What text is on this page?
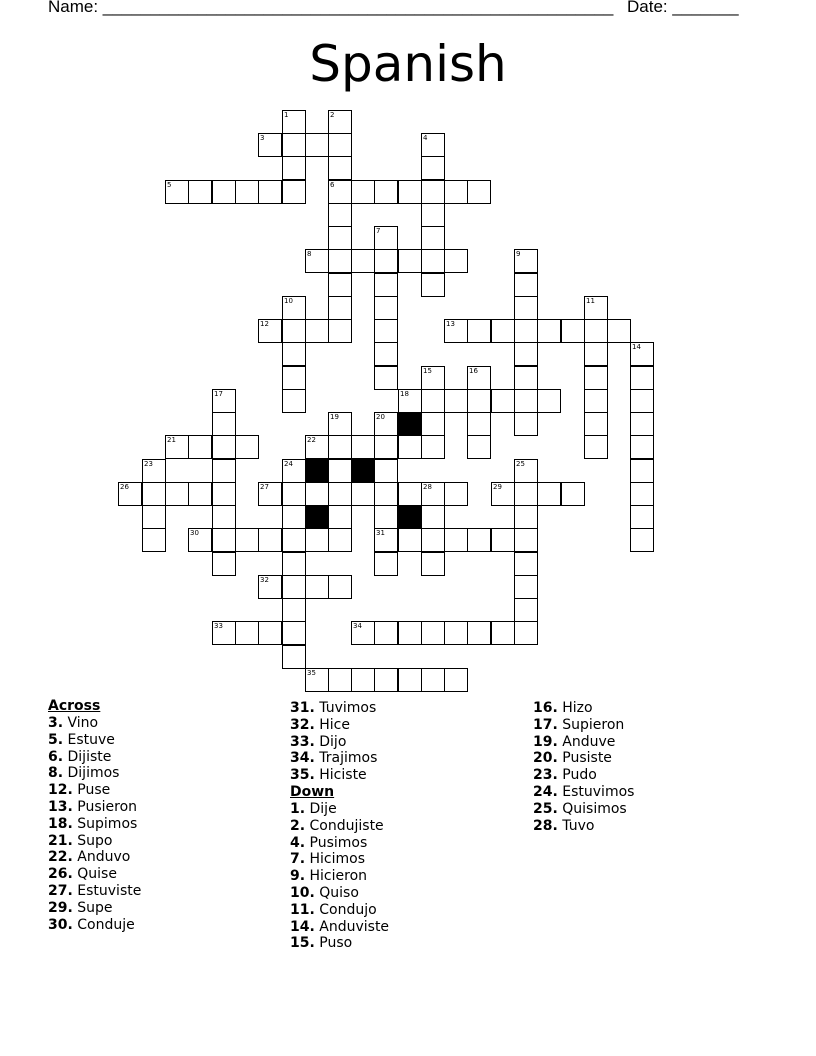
Name: ______________________________________________________ Date: _______
Spanish
1	2
3	4
5	6
7
8	9
10	11
12	13
14
15	16
17	18
19	20
21	22
23	24	25
26	27	28	29
30	31
32
33	34
35
Across
3. Vino
5. Estuve
6. Dijiste
8. Dijimos
12. Puse
13. Pusieron
18. Supimos
21. Supo
22. Anduvo
26. Quise
27. Estuviste
29. Supe
30. Conduje
31. Tuvimos
32. Hice
33. Dijo
34. Trajimos
35. Hiciste
Down
1. Dije
2. Condujiste
4. Pusimos
7. Hicimos
9. Hicieron
10. Quiso
11. Condujo
14. Anduviste
15. Puso
16. Hizo
17. Supieron
19. Anduve
20. Pusiste
23. Pudo
24. Estuvimos
25. Quisimos
28. Tuvo
